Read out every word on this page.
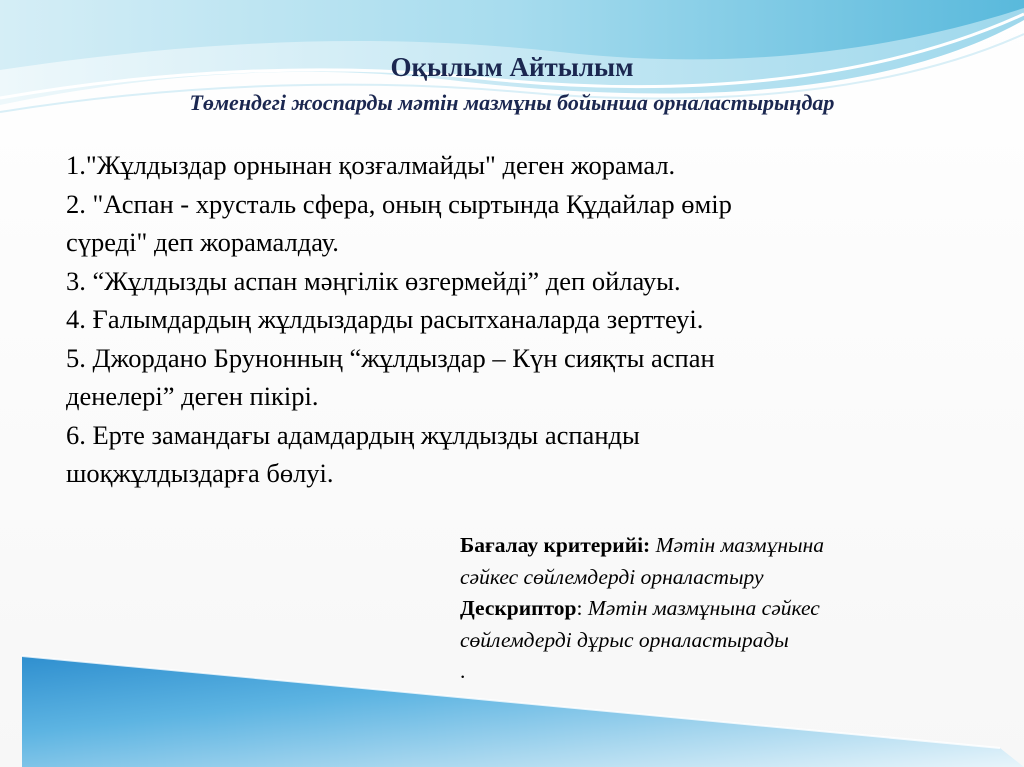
Оқылым Айтылым
Төмендегі жоспарды мәтін мазмұны бойынша орналастырыңдар
1."Жұлдыздар орнынан қозғалмайды" деген жорамал.
2. "Аспан - хрусталь сфера, оның сыртында Құдайлар өмір
сүреді" деп жорамалдау.
3. “Жұлдызды аспан мәңгілік өзгермейді” деп ойлауы.
4. Ғалымдардың жұлдыздарды расытханаларда зерттеуі.
5. Джордано Брунонның “жұлдыздар – Күн сияқты аспан
денелері” деген пікірі.
6. Ерте замандағы адамдардың жұлдызды аспанды
шоқжұлдыздарға бөлуі.
Бағалау критерийі: Мәтін мазмұнына
сәйкес сөйлемдерді орналастыру
Дескриптор: Мәтін мазмұнына сәйкес
сөйлемдерді дұрыс орналастырады
.
